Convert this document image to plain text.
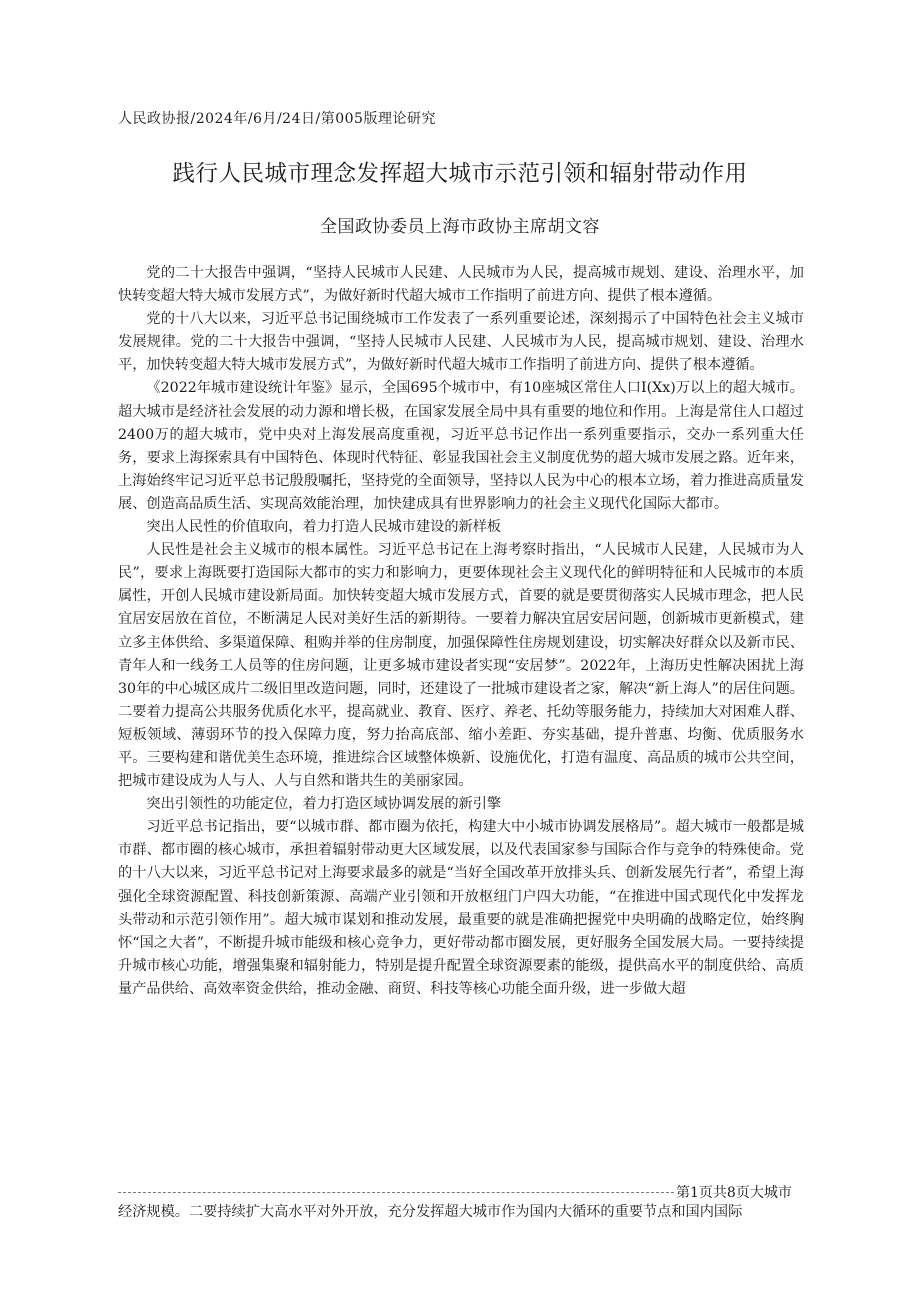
人民政协报/2024年/6月/24日/第005版理论研究
践行人民城市理念发挥超大城市示范引领和辐射带动作用
全国政协委员上海市政协主席胡文容

党的二十大报告中强调，“坚持人民城市人民建、人民城市为人民，提高城市规划、建设、治理水平，加快转变超大特大城市发展方式”，为做好新时代超大城市工作指明了前进方向、提供了根本遵循。

党的十八大以来，习近平总书记围绕城市工作发表了一系列重要论述，深刻揭示了中国特色社会主义城市发展规律。党的二十大报告中强调，“坚持人民城市人民建、人民城市为人民，提高城市规划、建设、治理水平，加快转变超大特大城市发展方式”，为做好新时代超大城市工作指明了前进方向、提供了根本遵循。

《2022年城市建设统计年鉴》显示，全国695个城市中，有10座城区常住人口I(Xx)万以上的超大城市。超大城市是经济社会发展的动力源和增长极，在国家发展全局中具有重要的地位和作用。上海是常住人口超过2400万的超大城市，党中央对上海发展高度重视，习近平总书记作出一系列重要指示，交办一系列重大任务，要求上海探索具有中国特色、体现时代特征、彰显我国社会主义制度优势的超大城市发展之路。近年来，上海始终牢记习近平总书记殷殷嘱托，坚持党的全面领导，坚持以人民为中心的根本立场，着力推进高质量发展、创造高品质生活、实现高效能治理，加快建成具有世界影响力的社会主义现代化国际大都市。

突出人民性的价值取向，着力打造人民城市建设的新样板

人民性是社会主义城市的根本属性。习近平总书记在上海考察时指出，“人民城市人民建，人民城市为人民”，要求上海既要打造国际大都市的实力和影响力，更要体现社会主义现代化的鲜明特征和人民城市的本质属性，开创人民城市建设新局面。加快转变超大城市发展方式，首要的就是要贯彻落实人民城市理念，把人民宜居安居放在首位，不断满足人民对美好生活的新期待。一要着力解决宜居安居问题，创新城市更新模式，建立多主体供给、多渠道保障、租购并举的住房制度，加强保障性住房规划建设，切实解决好群众以及新市民、青年人和一线务工人员等的住房问题，让更多城市建设者实现“安居梦”。2022年，上海历史性解决困扰上海30年的中心城区成片二级旧里改造问题，同时，还建设了一批城市建设者之家，解决“新上海人”的居住问题。二要着力提高公共服务优质化水平，提高就业、教育、医疗、养老、托幼等服务能力，持续加大对困难人群、短板领域、薄弱环节的投入保障力度，努力抬高底部、缩小差距、夯实基础，提升普惠、均衡、优质服务水平。三要构建和谐优美生态环境，推进综合区域整体焕新、设施优化，打造有温度、高品质的城市公共空间，把城市建设成为人与人、人与自然和谐共生的美丽家园。

突出引领性的功能定位，着力打造区域协调发展的新引擎

习近平总书记指出，要“以城市群、都市圈为依托，构建大中小城市协调发展格局”。超大城市一般都是城市群、都市圈的核心城市，承担着辐射带动更大区域发展，以及代表国家参与国际合作与竞争的特殊使命。党的十八大以来，习近平总书记对上海要求最多的就是“当好全国改革开放排头兵、创新发展先行者”，希望上海强化全球资源配置、科技创新策源、高端产业引领和开放枢纽门户四大功能，“在推进中国式现代化中发挥龙头带动和示范引领作用”。超大城市谋划和推动发展，最重要的就是准确把握党中央明确的战略定位，始终胸怀“国之大者”，不断提升城市能级和核心竞争力，更好带动都市圈发展，更好服务全国发展大局。一要持续提升城市核心功能，增强集聚和辐射能力，特别是提升配置全球资源要素的能级，提供高水平的制度供给、高质量产品供给、高效率资金供给，推动金融、商贸、科技等核心功能全面升级，进一步做大超

第1页共8页大城市
经济规模。二要持续扩大高水平对外开放，充分发挥超大城市作为国内大循环的重要节点和国内国际
